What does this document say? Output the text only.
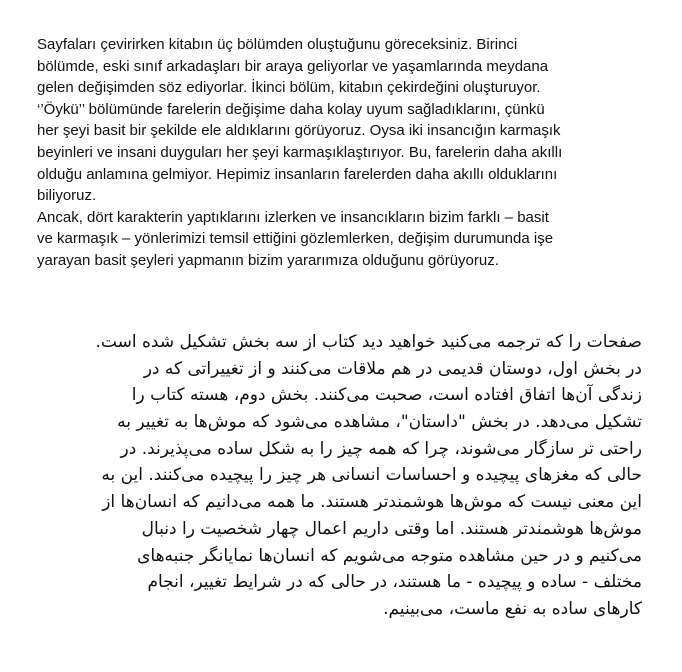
Sayfaları çevirirken kitabın üç bölümden oluştuğunu göreceksiniz. Birinci
bölümde, eski sınıf arkadaşları bir araya geliyorlar ve yaşamlarında meydana
gelen değişimden söz ediyorlar. İkinci bölüm, kitabın çekirdeğini oluşturuyor.
‘’Öykü’’ bölümünde farelerin değişime daha kolay uyum sağladıklarını, çünkü
her şeyi basit bir şekilde ele aldıklarını görüyoruz. Oysa iki insancığın karmaşık
beyinleri ve insani duyguları her şeyi karmaşıklaştırıyor. Bu, farelerin daha akıllı
olduğu anlamına gelmiyor. Hepimiz insanların farelerden daha akıllı olduklarını
biliyoruz.
Ancak, dört karakterin yaptıklarını izlerken ve insancıkların bizim farklı – basit
ve karmaşık – yönlerimizi temsil ettiğini gözlemlerken, değişim durumunda işe
yarayan basit şeyleri yapmanın bizim yararımıza olduğunu görüyoruz.
صفحات را که ترجمه می‌کنید خواهید دید کتاب از سه بخش تشکیل شده است.
در بخش اول، دوستان قدیمی در هم ملاقات می‌کنند و از تغییراتی که در
زندگی آن‌ها اتفاق افتاده است، صحبت می‌کنند. بخش دوم، هسته کتاب را
تشکیل می‌دهد. در بخش "داستان"، مشاهده می‌شود که موش‌ها به تغییر به
راحتی تر سازگار می‌شوند، چرا که همه چیز را به شکل ساده می‌پذیرند. در
حالی که مغزهای پیچیده و احساسات انسانی هر چیز را پیچیده می‌کنند. این به
این معنی نیست که موش‌ها هوشمندتر هستند. ما همه می‌دانیم که انسان‌ها از
موش‌ها هوشمندتر هستند. اما وقتی داریم اعمال چهار شخصیت را دنبال
می‌کنیم و در حین مشاهده متوجه می‌شویم که انسان‌ها نمایانگر جنبه‌های
مختلف - ساده و پیچیده - ما هستند، در حالی که در شرایط تغییر، انجام
کارهای ساده به نفع ماست، می‌بینیم.
